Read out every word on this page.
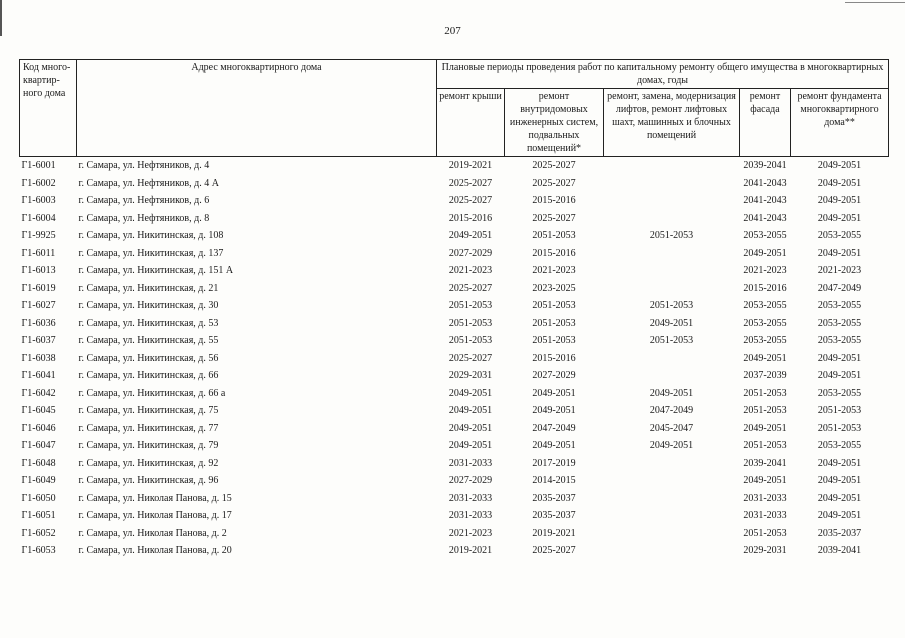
207
Код много-квартир-ного дома	Адрес многоквартирного дома	Плановые периоды проведения работ по капитальному ремонту общего имущества в многоквартирных домах, годы				
		ремонт крыши	ремонт внутридомовых инженерных систем, подвальных помещений*	ремонт, замена, модернизация лифтов, ремонт лифтовых шахт, машинных и блочных помещений	ремонт фасада	ремонт фундамента многоквартирного дома**
Г1-6001	г. Самара, ул. Нефтяников, д. 4	2019-2021	2025-2027		2039-2041	2049-2051
Г1-6002	г. Самара, ул. Нефтяников, д. 4 А	2025-2027	2025-2027		2041-2043	2049-2051
Г1-6003	г. Самара, ул. Нефтяников, д. 6	2025-2027	2015-2016		2041-2043	2049-2051
Г1-6004	г. Самара, ул. Нефтяников, д. 8	2015-2016	2025-2027		2041-2043	2049-2051
Г1-9925	г. Самара, ул. Никитинская, д. 108	2049-2051	2051-2053	2051-2053	2053-2055	2053-2055
Г1-6011	г. Самара, ул. Никитинская, д. 137	2027-2029	2015-2016		2049-2051	2049-2051
Г1-6013	г. Самара, ул. Никитинская, д. 151 А	2021-2023	2021-2023		2021-2023	2021-2023
Г1-6019	г. Самара, ул. Никитинская, д. 21	2025-2027	2023-2025		2015-2016	2047-2049
Г1-6027	г. Самара, ул. Никитинская, д. 30	2051-2053	2051-2053	2051-2053	2053-2055	2053-2055
Г1-6036	г. Самара, ул. Никитинская, д. 53	2051-2053	2051-2053	2049-2051	2053-2055	2053-2055
Г1-6037	г. Самара, ул. Никитинская, д. 55	2051-2053	2051-2053	2051-2053	2053-2055	2053-2055
Г1-6038	г. Самара, ул. Никитинская, д. 56	2025-2027	2015-2016		2049-2051	2049-2051
Г1-6041	г. Самара, ул. Никитинская, д. 66	2029-2031	2027-2029		2037-2039	2049-2051
Г1-6042	г. Самара, ул. Никитинская, д. 66 а	2049-2051	2049-2051	2049-2051	2051-2053	2053-2055
Г1-6045	г. Самара, ул. Никитинская, д. 75	2049-2051	2049-2051	2047-2049	2051-2053	2051-2053
Г1-6046	г. Самара, ул. Никитинская, д. 77	2049-2051	2047-2049	2045-2047	2049-2051	2051-2053
Г1-6047	г. Самара, ул. Никитинская, д. 79	2049-2051	2049-2051	2049-2051	2051-2053	2053-2055
Г1-6048	г. Самара, ул. Никитинская, д. 92	2031-2033	2017-2019		2039-2041	2049-2051
Г1-6049	г. Самара, ул. Никитинская, д. 96	2027-2029	2014-2015		2049-2051	2049-2051
Г1-6050	г. Самара, ул. Николая Панова, д. 15	2031-2033	2035-2037		2031-2033	2049-2051
Г1-6051	г. Самара, ул. Николая Панова, д. 17	2031-2033	2035-2037		2031-2033	2049-2051
Г1-6052	г. Самара, ул. Николая Панова, д. 2	2021-2023	2019-2021		2051-2053	2035-2037
Г1-6053	г. Самара, ул. Николая Панова, д. 20	2019-2021	2025-2027		2029-2031	2039-2041
